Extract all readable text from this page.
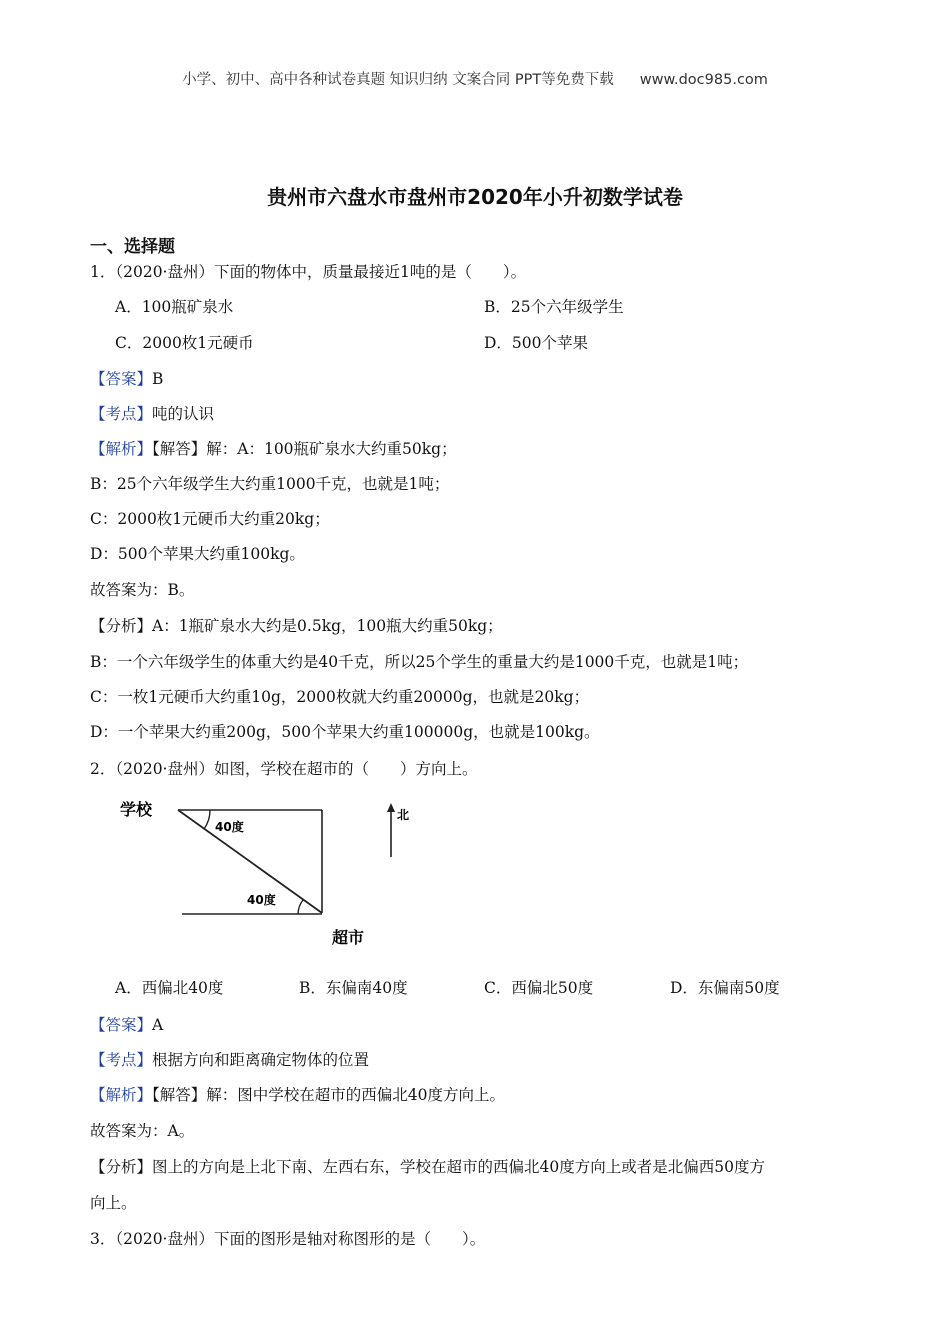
小学、初中、高中各种试卷真题 知识归纳 文案合同 PPT等免费下载 www.doc985.com
贵州市六盘水市盘州市2020年小升初数学试卷
一、选择题
1．（2020·盘州）下面的物体中，质量最接近1吨的是（　　）。
A．100瓶矿泉水	B．25个六年级学生
C．2000枚1元硬币	D．500个苹果
【答案】B
【考点】吨的认识
【解析】【解答】解：A：100瓶矿泉水大约重50kg；
B：25个六年级学生大约重1000千克，也就是1吨；
C：2000枚1元硬币大约重20kg；
D：500个苹果大约重100kg。
故答案为：B。
【分析】A：1瓶矿泉水大约是0.5kg，100瓶大约重50kg；
B：一个六年级学生的体重大约是40千克，所以25个学生的重量大约是1000千克，也就是1吨；
C：一枚1元硬币大约重10g，2000枚就大约重20000g，也就是20kg；
D：一个苹果大约重200g，500个苹果大约重100000g，也就是100kg。
2．（2020·盘州）如图，学校在超市的（　　）方向上。
学校
40度
40度
超市
北
A．西偏北40度	B．东偏南40度	C．西偏北50度	D．东偏南50度
【答案】A
【考点】根据方向和距离确定物体的位置
【解析】【解答】解：图中学校在超市的西偏北40度方向上。
故答案为：A。
【分析】图上的方向是上北下南、左西右东，学校在超市的西偏北40度方向上或者是北偏西50度方
向上。
3．（2020·盘州）下面的图形是轴对称图形的是（　　）。
